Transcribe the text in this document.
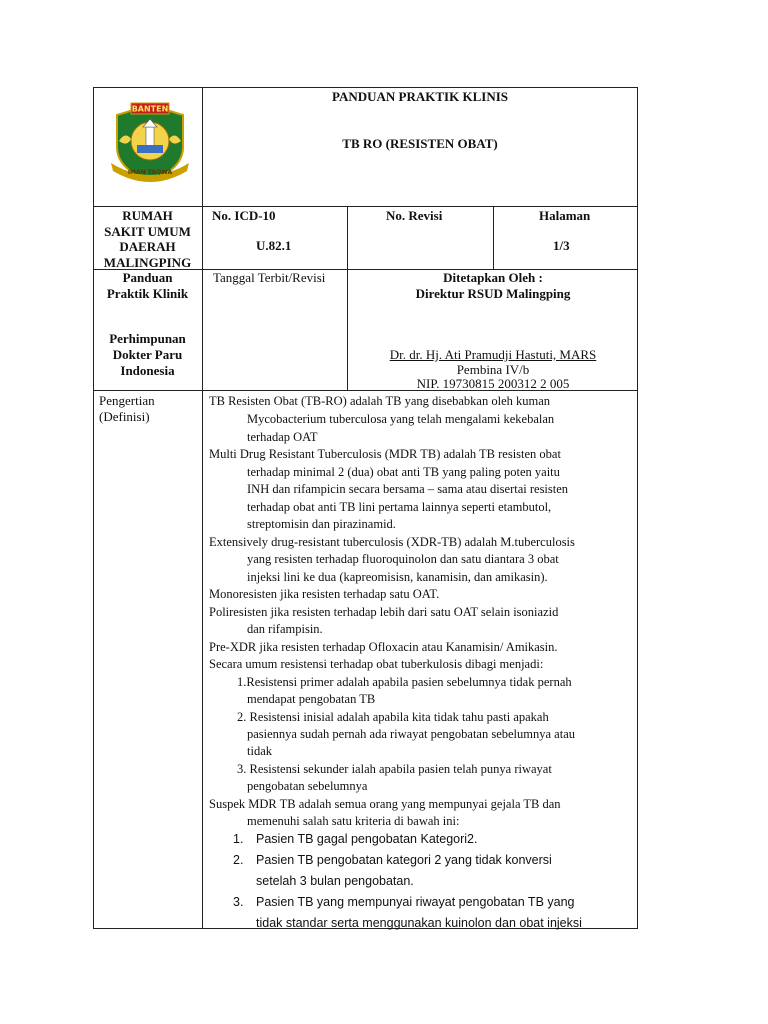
BANTEN
IMAN TAQWA
PANDUAN PRAKTIK KLINIS
TB RO (RESISTEN OBAT)
RUMAH
SAKIT UMUM
DAERAH
MALINGPING
No. ICD-10
U.82.1
No. Revisi	Halaman
1/3
Panduan
Praktik Klinik
Perhimpunan
Dokter Paru
Indonesia
Tanggal Terbit/Revisi	Ditetapkan Oleh :
Direktur RSUD Malingping
Dr. dr. Hj. Ati Pramudji Hastuti, MARS
Pembina IV/b
NIP. 19730815 200312 2 005
Pengertian
(Definisi)
TB Resisten Obat (TB-RO) adalah TB yang disebabkan oleh kuman
Mycobacterium tuberculosa yang telah mengalami kekebalan
terhadap OAT
Multi Drug Resistant Tuberculosis (MDR TB) adalah TB resisten obat
terhadap minimal 2 (dua) obat anti TB yang paling poten yaitu
INH dan rifampicin secara bersama – sama atau disertai resisten
terhadap obat anti TB lini pertama lainnya seperti etambutol,
streptomisin dan pirazinamid.
Extensively drug-resistant tuberculosis (XDR-TB) adalah M.tuberculosis
yang resisten terhadap fluoroquinolon dan satu diantara 3 obat
injeksi lini ke dua (kapreomisisn, kanamisin, dan amikasin).
Monoresisten jika resisten terhadap satu OAT.
Poliresisten jika resisten terhadap lebih dari satu OAT selain isoniazid
dan rifampisin.
Pre-XDR jika resisten terhadap Ofloxacin atau Kanamisin/ Amikasin.
Secara umum resistensi terhadap obat tuberkulosis dibagi menjadi:
1.Resistensi primer adalah apabila pasien sebelumnya tidak pernah
mendapat pengobatan TB
2. Resistensi inisial adalah apabila kita tidak tahu pasti apakah
pasiennya sudah pernah ada riwayat pengobatan sebelumnya atau
tidak
3. Resistensi sekunder ialah apabila pasien telah punya riwayat
pengobatan sebelumnya
Suspek MDR TB adalah semua orang yang mempunyai gejala TB dan
memenuhi salah satu kriteria di bawah ini:
1. Pasien TB gagal pengobatan Kategori2.
2. Pasien TB pengobatan kategori 2 yang tidak konversi
setelah 3 bulan pengobatan.
3. Pasien TB yang mempunyai riwayat pengobatan TB yang
tidak standar serta menggunakan kuinolon dan obat injeksi
